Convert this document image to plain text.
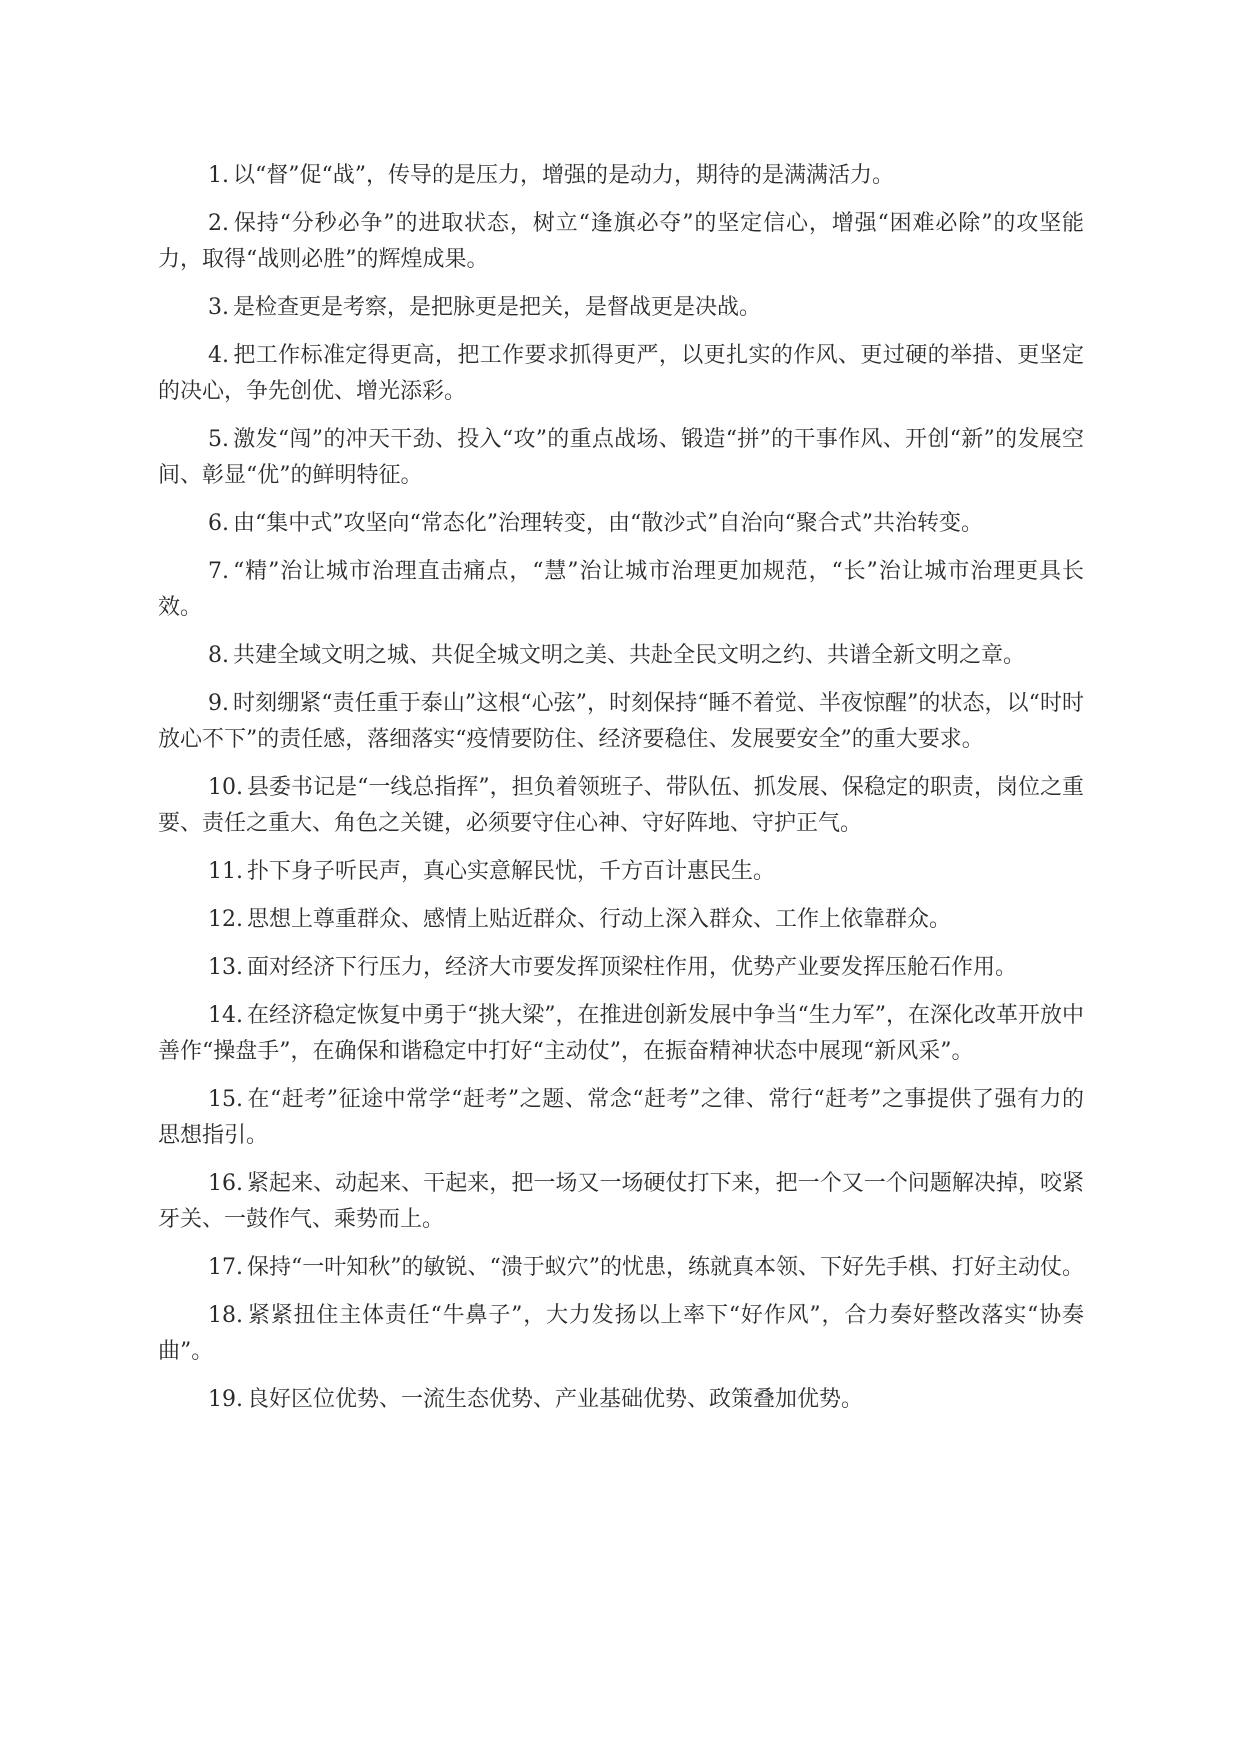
1. 以“督”促“战”，传导的是压力，增强的是动力，期待的是满满活力。

2. 保持“分秒必争”的进取状态，树立“逢旗必夺”的坚定信心，增强“困难必除”的攻坚能力，取得“战则必胜”的辉煌成果。

3. 是检查更是考察，是把脉更是把关，是督战更是决战。

4. 把工作标准定得更高，把工作要求抓得更严，以更扎实的作风、更过硬的举措、更坚定的决心，争先创优、增光添彩。

5. 激发“闯”的冲天干劲、投入“攻”的重点战场、锻造“拼”的干事作风、开创“新”的发展空间、彰显“优”的鲜明特征。

6. 由“集中式”攻坚向“常态化”治理转变，由“散沙式”自治向“聚合式”共治转变。

7. “精”治让城市治理直击痛点，“慧”治让城市治理更加规范，“长”治让城市治理更具长效。

8. 共建全域文明之城、共促全城文明之美、共赴全民文明之约、共谱全新文明之章。

9. 时刻绷紧“责任重于泰山”这根“心弦”，时刻保持“睡不着觉、半夜惊醒”的状态，以“时时放心不下”的责任感，落细落实“疫情要防住、经济要稳住、发展要安全”的重大要求。

10. 县委书记是“一线总指挥”，担负着领班子、带队伍、抓发展、保稳定的职责，岗位之重要、责任之重大、角色之关键，必须要守住心神、守好阵地、守护正气。

11. 扑下身子听民声，真心实意解民忧，千方百计惠民生。

12. 思想上尊重群众、感情上贴近群众、行动上深入群众、工作上依靠群众。

13. 面对经济下行压力，经济大市要发挥顶梁柱作用，优势产业要发挥压舱石作用。

14. 在经济稳定恢复中勇于“挑大梁”，在推进创新发展中争当“生力军”，在深化改革开放中善作“操盘手”，在确保和谐稳定中打好“主动仗”，在振奋精神状态中展现“新风采”。

15. 在“赶考”征途中常学“赶考”之题、常念“赶考”之律、常行“赶考”之事提供了强有力的思想指引。

16. 紧起来、动起来、干起来，把一场又一场硬仗打下来，把一个又一个问题解决掉，咬紧牙关、一鼓作气、乘势而上。

17. 保持“一叶知秋”的敏锐、“溃于蚁穴”的忧患，练就真本领、下好先手棋、打好主动仗。

18. 紧紧扭住主体责任“牛鼻子”，大力发扬以上率下“好作风”，合力奏好整改落实“协奏曲”。

19. 良好区位优势、一流生态优势、产业基础优势、政策叠加优势。
